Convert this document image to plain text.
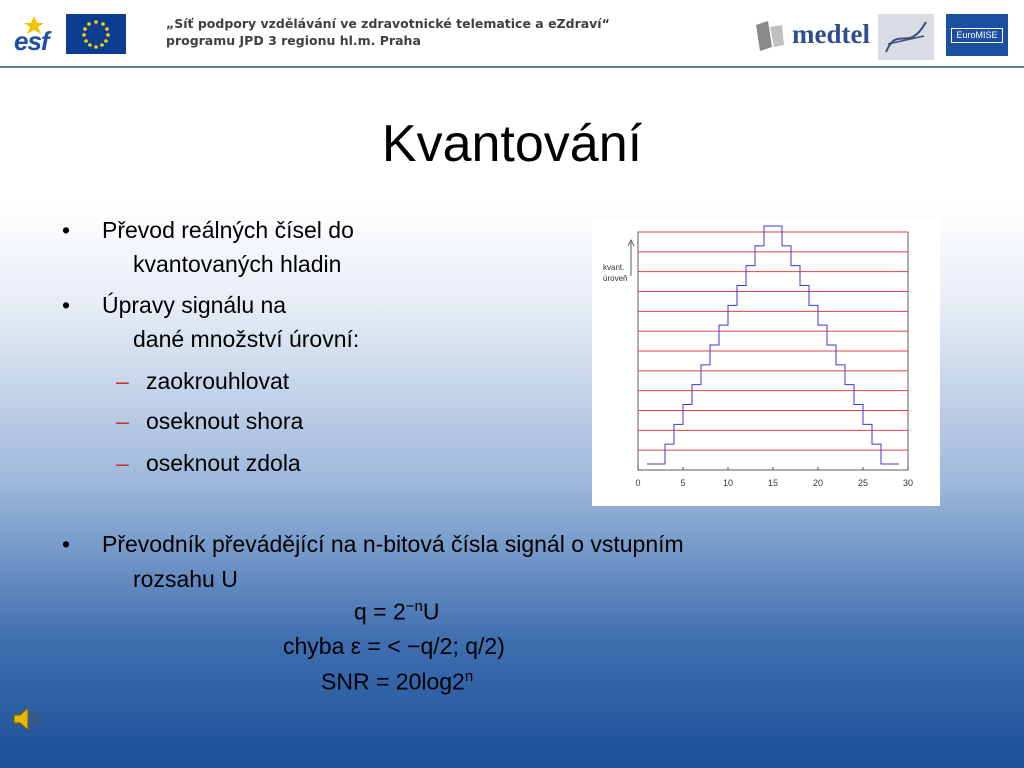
esf
„Síť podpory vzdělávání ve zdravotnické telematice a eZdraví“
programu JPD 3 regionu hl.m. Praha	medtel	EuroMISE
Kvantování
• Převod reálných čísel do
kvantovaných hladin
• Úpravy signálu na
dané množství úrovní:
– zaokrouhlovat
– oseknout shora
– oseknout zdola
• Převodník převádějící na n-bitová čísla signál o vstupním
rozsahu U
$q = 2^{-n}U$
chyba ε = < −q/2; q/2)
SNR = $20\log 2^n$
0	5	10	15	20	25	30
kvant.
úroveň
